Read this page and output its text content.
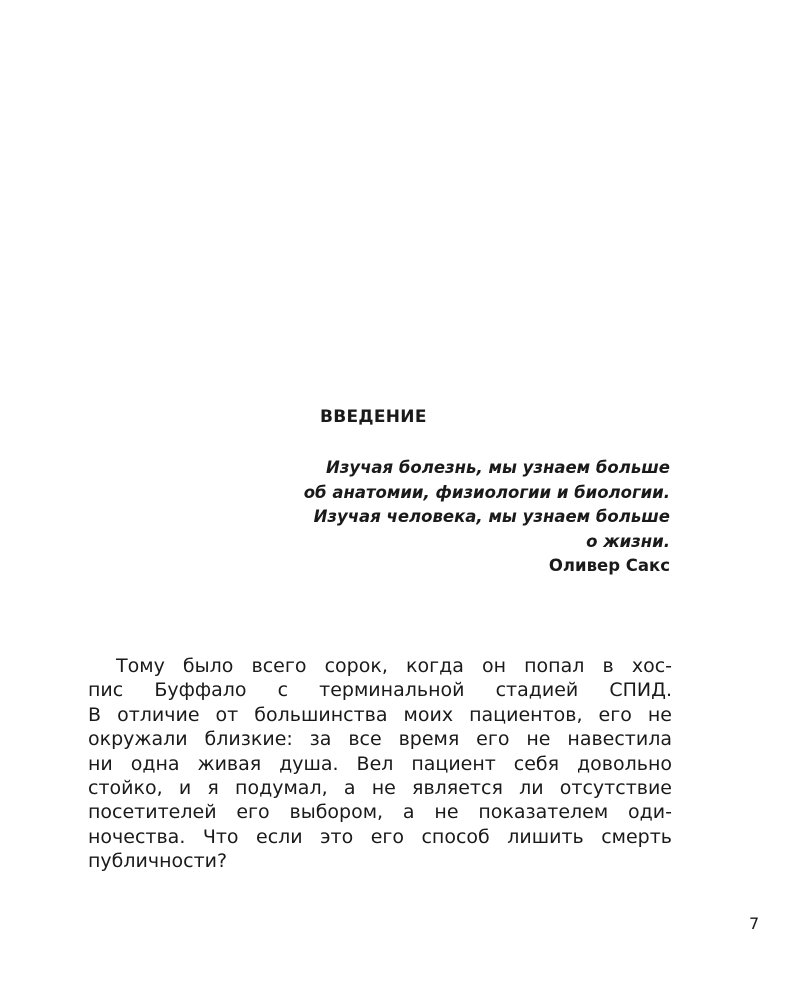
ВВЕДЕНИЕ
Изучая болезнь, мы узнаем больше
об анатомии, физиологии и биологии.
Изучая человека, мы узнаем больше
о жизни.
Оливер Сакс
Тому было всего сорок, когда он попал в хос-
пис Буффало с терминальной стадией СПИД.
В отличие от большинства моих пациентов, его не
окружали близкие: за все время его не навестила
ни одна живая душа. Вел пациент себя довольно
стойко, и я подумал, а не является ли отсутствие
посетителей его выбором, а не показателем оди-
ночества. Что если это его способ лишить смерть
публичности?
7
